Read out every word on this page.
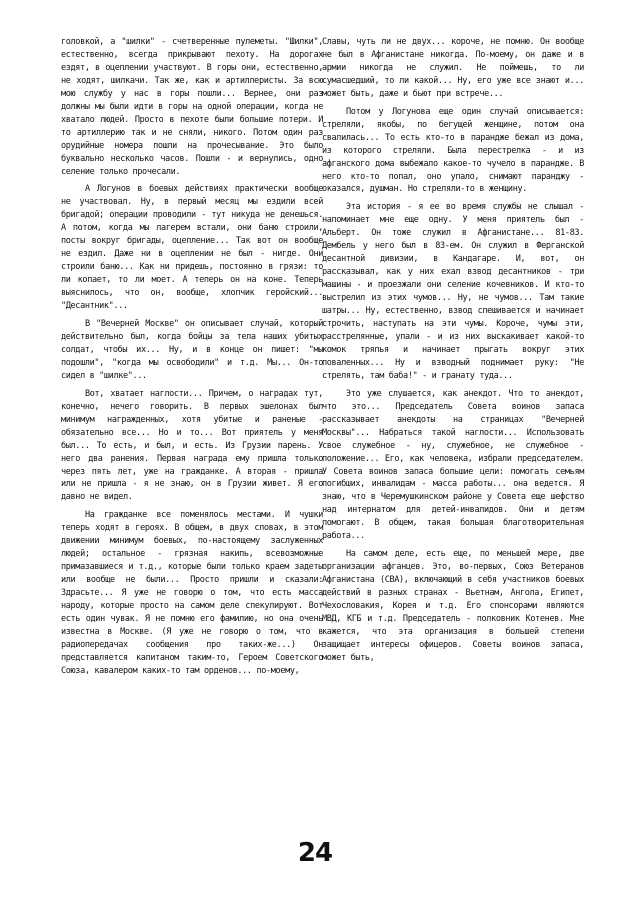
головкой, а "шилки" - счетверенные пулеметы. "Шилки", естественно, всегда прикрывают пехоту. На дорогах ездят, в оцеплении участвуют. В горы они, естественно, не ходят, шилкачи. Так же, как и артиллеристы. За всю мою службу у нас в горы пошли... Вернее, они раз должны мы были идти в горы на одной операции, когда не хватало людей. Просто в пехоте были большие потери. И то артиллерию так и не сняли, никого. Потом один раз орудийные номера пошли на прочесывание. Это было буквально несколько часов. Пошли - и вернулись, одно селение только прочесали.

А Логунов в боевых действиях практически вообще не участвовал. Ну, в первый месяц мы ездили всей бригадой; операции проводили - тут никуда не денешься. А потом, когда мы лагерем встали, они баню строили, посты вокруг бригады, оцепление... Так вот он вообще не ездил. Даже ни в оцеплении не был - нигде. Они строили баню... Как ни придешь, постоянно в грязи: то ли копает, то ли моет. А теперь он на коне. Теперь выяснилось, что он, вообще, хлопчик геройский... "Десантник"...

В "Вечерней Москве" он описывает случай, который действительно был, когда бойцы за тела наших убитых солдат, чтобы их... Ну, и в конце он пишет: "мы подошли", "когда мы освободили" и т.д. Мы... Он-то сидел в "шилке"...

Вот, хватает наглости... Причем, о наградах тут, конечно, нечего говорить. В первых эшелонах был минимум награжденных, хотя убитые и раненые - обязательно все... Но и то... Вот приятель у меня был... То есть, и был, и есть. Из Грузии парень. У него два ранения. Первая награда ему пришла только через пять лет, уже на гражданке. А вторая - пришла или не пришла - я не знаю, он в Грузии живет. Я его давно не видел.

На гражданке все поменялось местами. И чушки теперь ходят в героях. В общем, в двух словах, в этом движении минимум боевых, по-настоящему заслуженных людей; остальное - грязная накипь, всевозможные примазавшиеся и т.д., которые были только краем задеты или вообще не были... Просто пришли и сказали: Здрасьте... Я уже не говорю о том, что есть масса народу, которые просто на самом деле спекулируют. Вот есть один чувак. Я не помню его фамилию, но она очень известна в Москве. (Я уже не говорю о том, что в радиопередачах сообщения про таких-же...) Он представляется капитаном таким-то, Героем Советского Союза, кавалером каких-то там орденов... по-моему,

Славы, чуть ли не двух... короче, не помню. Он вообще не был в Афганистане никогда. По-моему, он даже и в армии никогда не служил. Не поймешь, то ли сумасшедший, то ли какой... Ну, его уже все знают и... может быть, даже и бьют при встрече...

Потом у Логунова еще один случай описывается: стреляли, якобы, по бегущей женщине, потом она свалилась... То есть кто-то в парандже бежал из дома, из которого стреляли. Была перестрелка - и из афганского дома выбежало какое-то чучело в парандже. В него кто-то попал, оно упало, снимают паранджу - оказался, душман. Но стреляли-то в женщину.

Эта история - я ее во время службы не слышал - напоминает мне еще одну. У меня приятель был - Альберт. Он тоже служил в Афганистане... 81-83. Дембель у него был в 83-ем. Он служил в Ферганской десантной дивизии, в Кандагаре. И, вот, он рассказывал, как у них ехал взвод десантников - три машины - и проезжали они селение кочевников. И кто-то выстрелил из этих чумов... Ну, не чумов... Там такие шатры... Ну, естественно, взвод спешивается и начинает строчить, наступать на эти чумы. Короче, чумы эти, расстрелянные, упали - и из них выскакивает какой-то комок тряпья и начинает прыгать вокруг этих поваленных... Ну и взводный поднимает руку: "Не стрелять, там баба!" - и гранату туда...

Это уже слушается, как анекдот. Что то анекдот, что это... Председатель Совета воинов запаса рассказывает анекдоты на страницах "Вечерней Москвы"... Набраться такой наглости... Использовать свое служебное - ну, служебное, не служебное - положение... Его, как человека, избрали председателем. У Совета воинов запаса большие цели: помогать семьям погибших, инвалидам - масса работы... она ведется. Я знаю, что в Черемушкинском районе у Совета еще шефство над интернатом для детей-инвалидов. Они и детям помогают. В общем, такая большая благотворительная работа...

На самом деле, есть еще, по меньшей мере, две организации афганцев. Это, во-первых, Союз Ветеранов Афганистана (СВА), включающий в себя участников боевых действий в разных странах - Вьетнам, Ангола, Египет, Чехословакия, Корея и т.д. Его спонсорами являются МВД, КГБ и т.д. Председатель - полковник Котенев. Мне кажется, что эта организация в большей степени защищает интересы офицеров. Советы воинов запаса, может быть,

24
